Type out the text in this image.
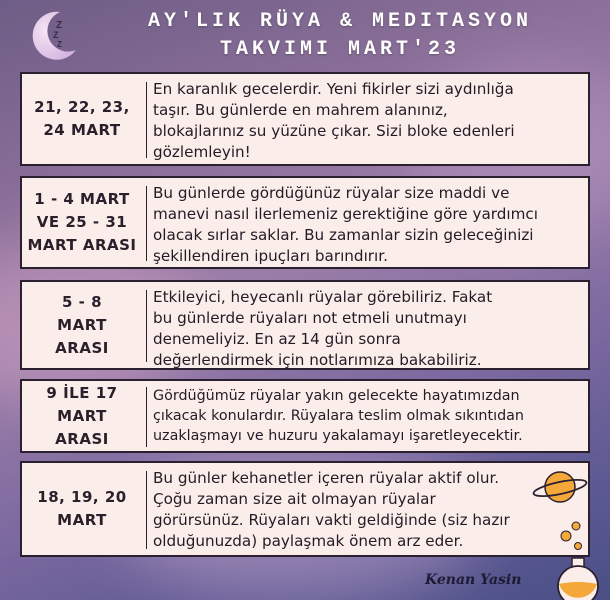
Z
Z
Z
AY'LIK RÜYA & MEDITASYON
TAKVIMI MART'23
21, 22, 23,
24 MART
En karanlık gecelerdir. Yeni fikirler sizi aydınlığa
taşır. Bu günlerde en mahrem alanınız,
blokajlarınız su yüzüne çıkar. Sizi bloke edenleri
gözlemleyin!
1 - 4 MART
VE 25 - 31
MART ARASI
Bu günlerde gördüğünüz rüyalar size maddi ve
manevi nasıl ilerlemeniz gerektiğine göre yardımcı
olacak sırlar saklar. Bu zamanlar sizin geleceğinizi
şekillendiren ipuçları barındırır.
5 - 8
MART
ARASI
Etkileyici, heyecanlı rüyalar görebiliriz. Fakat
bu günlerde rüyaları not etmeli unutmayı
denemeliyiz. En az 14 gün sonra
değerlendirmek için notlarımıza bakabiliriz.
9 İLE 17
MART
ARASI
Gördüğümüz rüyalar yakın gelecekte hayatımızdan
çıkacak konulardır. Rüyalara teslim olmak sıkıntıdan
uzaklaşmayı ve huzuru yakalamayı işaretleyecektir.
18, 19, 20
MART
Bu günler kehanetler içeren rüyalar aktif olur.
Çoğu zaman size ait olmayan rüyalar
görürsünüz. Rüyaları vakti geldiğinde (siz hazır
olduğunuzda) paylaşmak önem arz eder.
Kenan Yasin
